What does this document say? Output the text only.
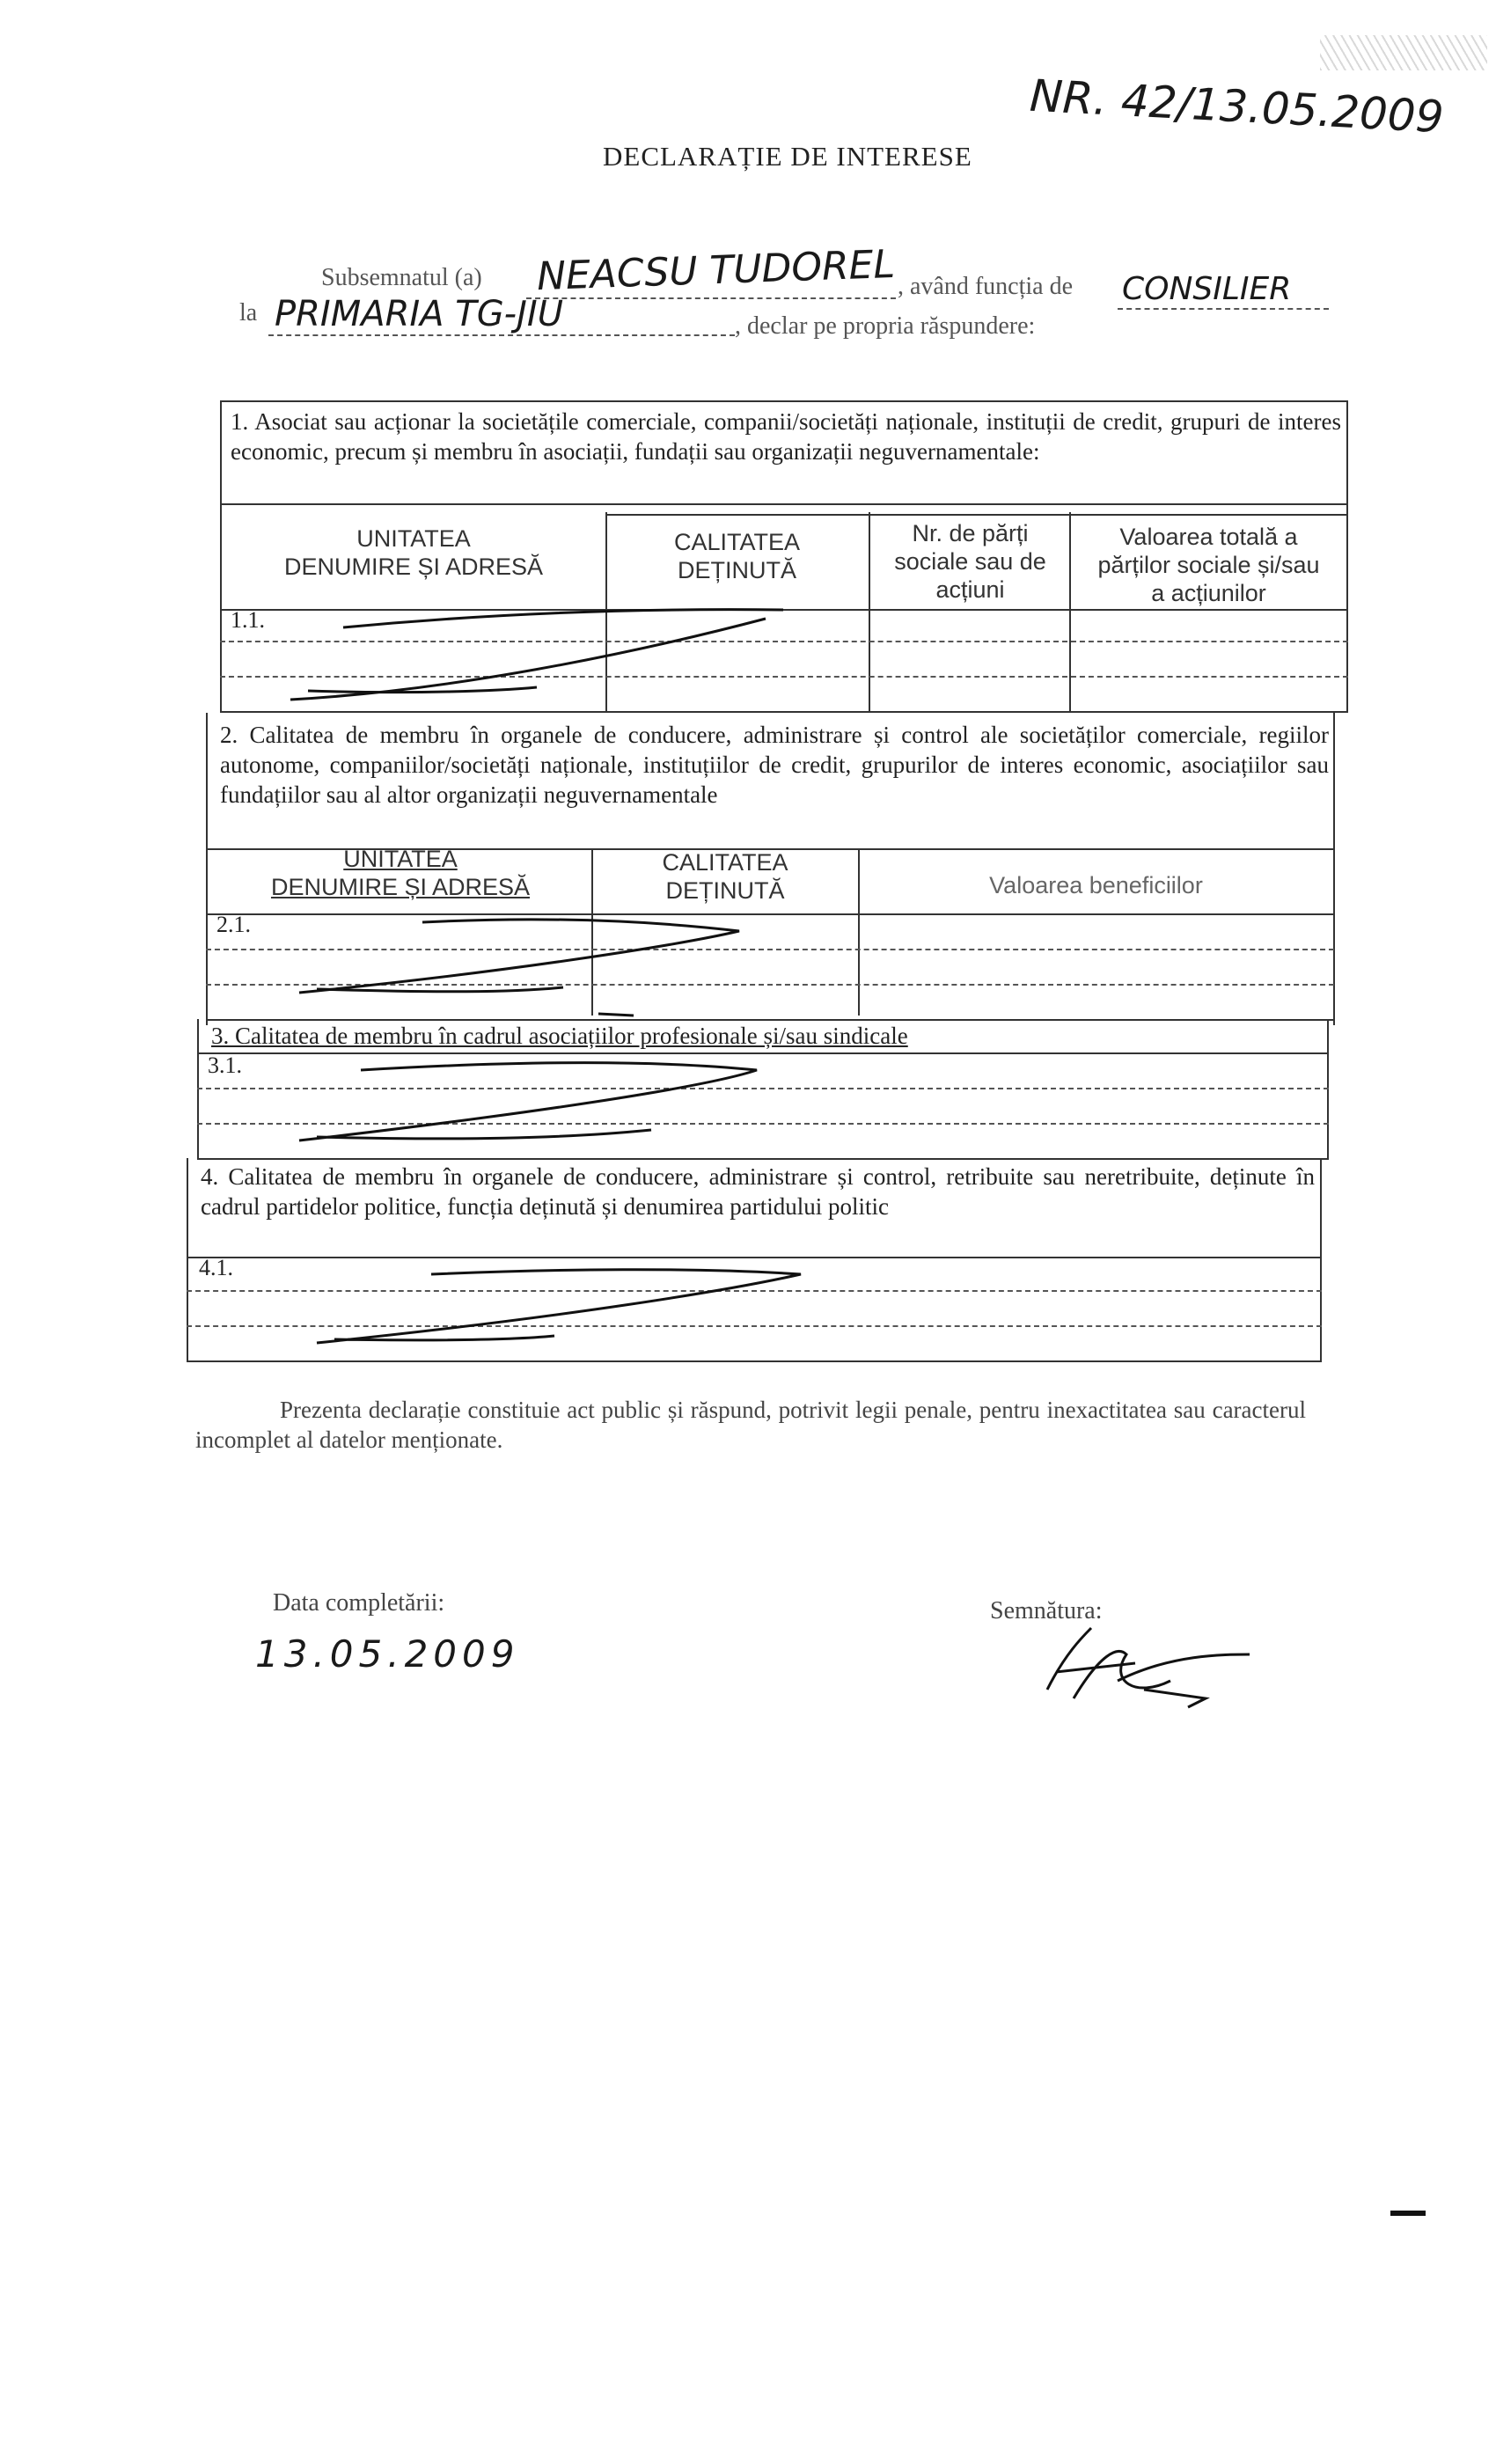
NR. 42/13.05.2009
DECLARAȚIE DE INTERESE
Subsemnatul (a) NEACSU TUDOREL , având funcția de CONSILIER
la PRIMARIA TG-JIU	, declar pe propria răspundere:
1. Asociat sau acționar la societățile comerciale, companii/societăți naționale, instituții de credit, grupuri de interes economic, precum și membru în asociații, fundații sau organizații neguvernamentale:
UNITATEA
DENUMIRE ȘI ADRESĂ
CALITATEA
DEȚINUTĂ
Nr. de părți
sociale sau de
acțiuni
Valoarea totală a
părților sociale și/sau
a acțiunilor
1.1.
2. Calitatea de membru în organele de conducere, administrare și control ale societăților comerciale, regiilor autonome, companiilor/societăți naționale, instituțiilor de credit, grupurilor de interes economic, asociațiilor sau fundațiilor sau al altor organizații neguvernamentale
UNITATEA
DENUMIRE ȘI ADRESĂ
CALITATEA
DEȚINUTĂ	Valoarea beneficiilor
2.1.
3. Calitatea de membru în cadrul asociațiilor profesionale și/sau sindicale
3.1.
4. Calitatea de membru în organele de conducere, administrare și control, retribuite sau neretribuite, deținute în cadrul partidelor politice, funcția deținută și denumirea partidului politic
4.1.
Prezenta declarație constituie act public și răspund, potrivit legii penale, pentru inexactitatea sau caracterul incomplet al datelor menționate.
Data completării:
13.05.2009
Semnătura:
